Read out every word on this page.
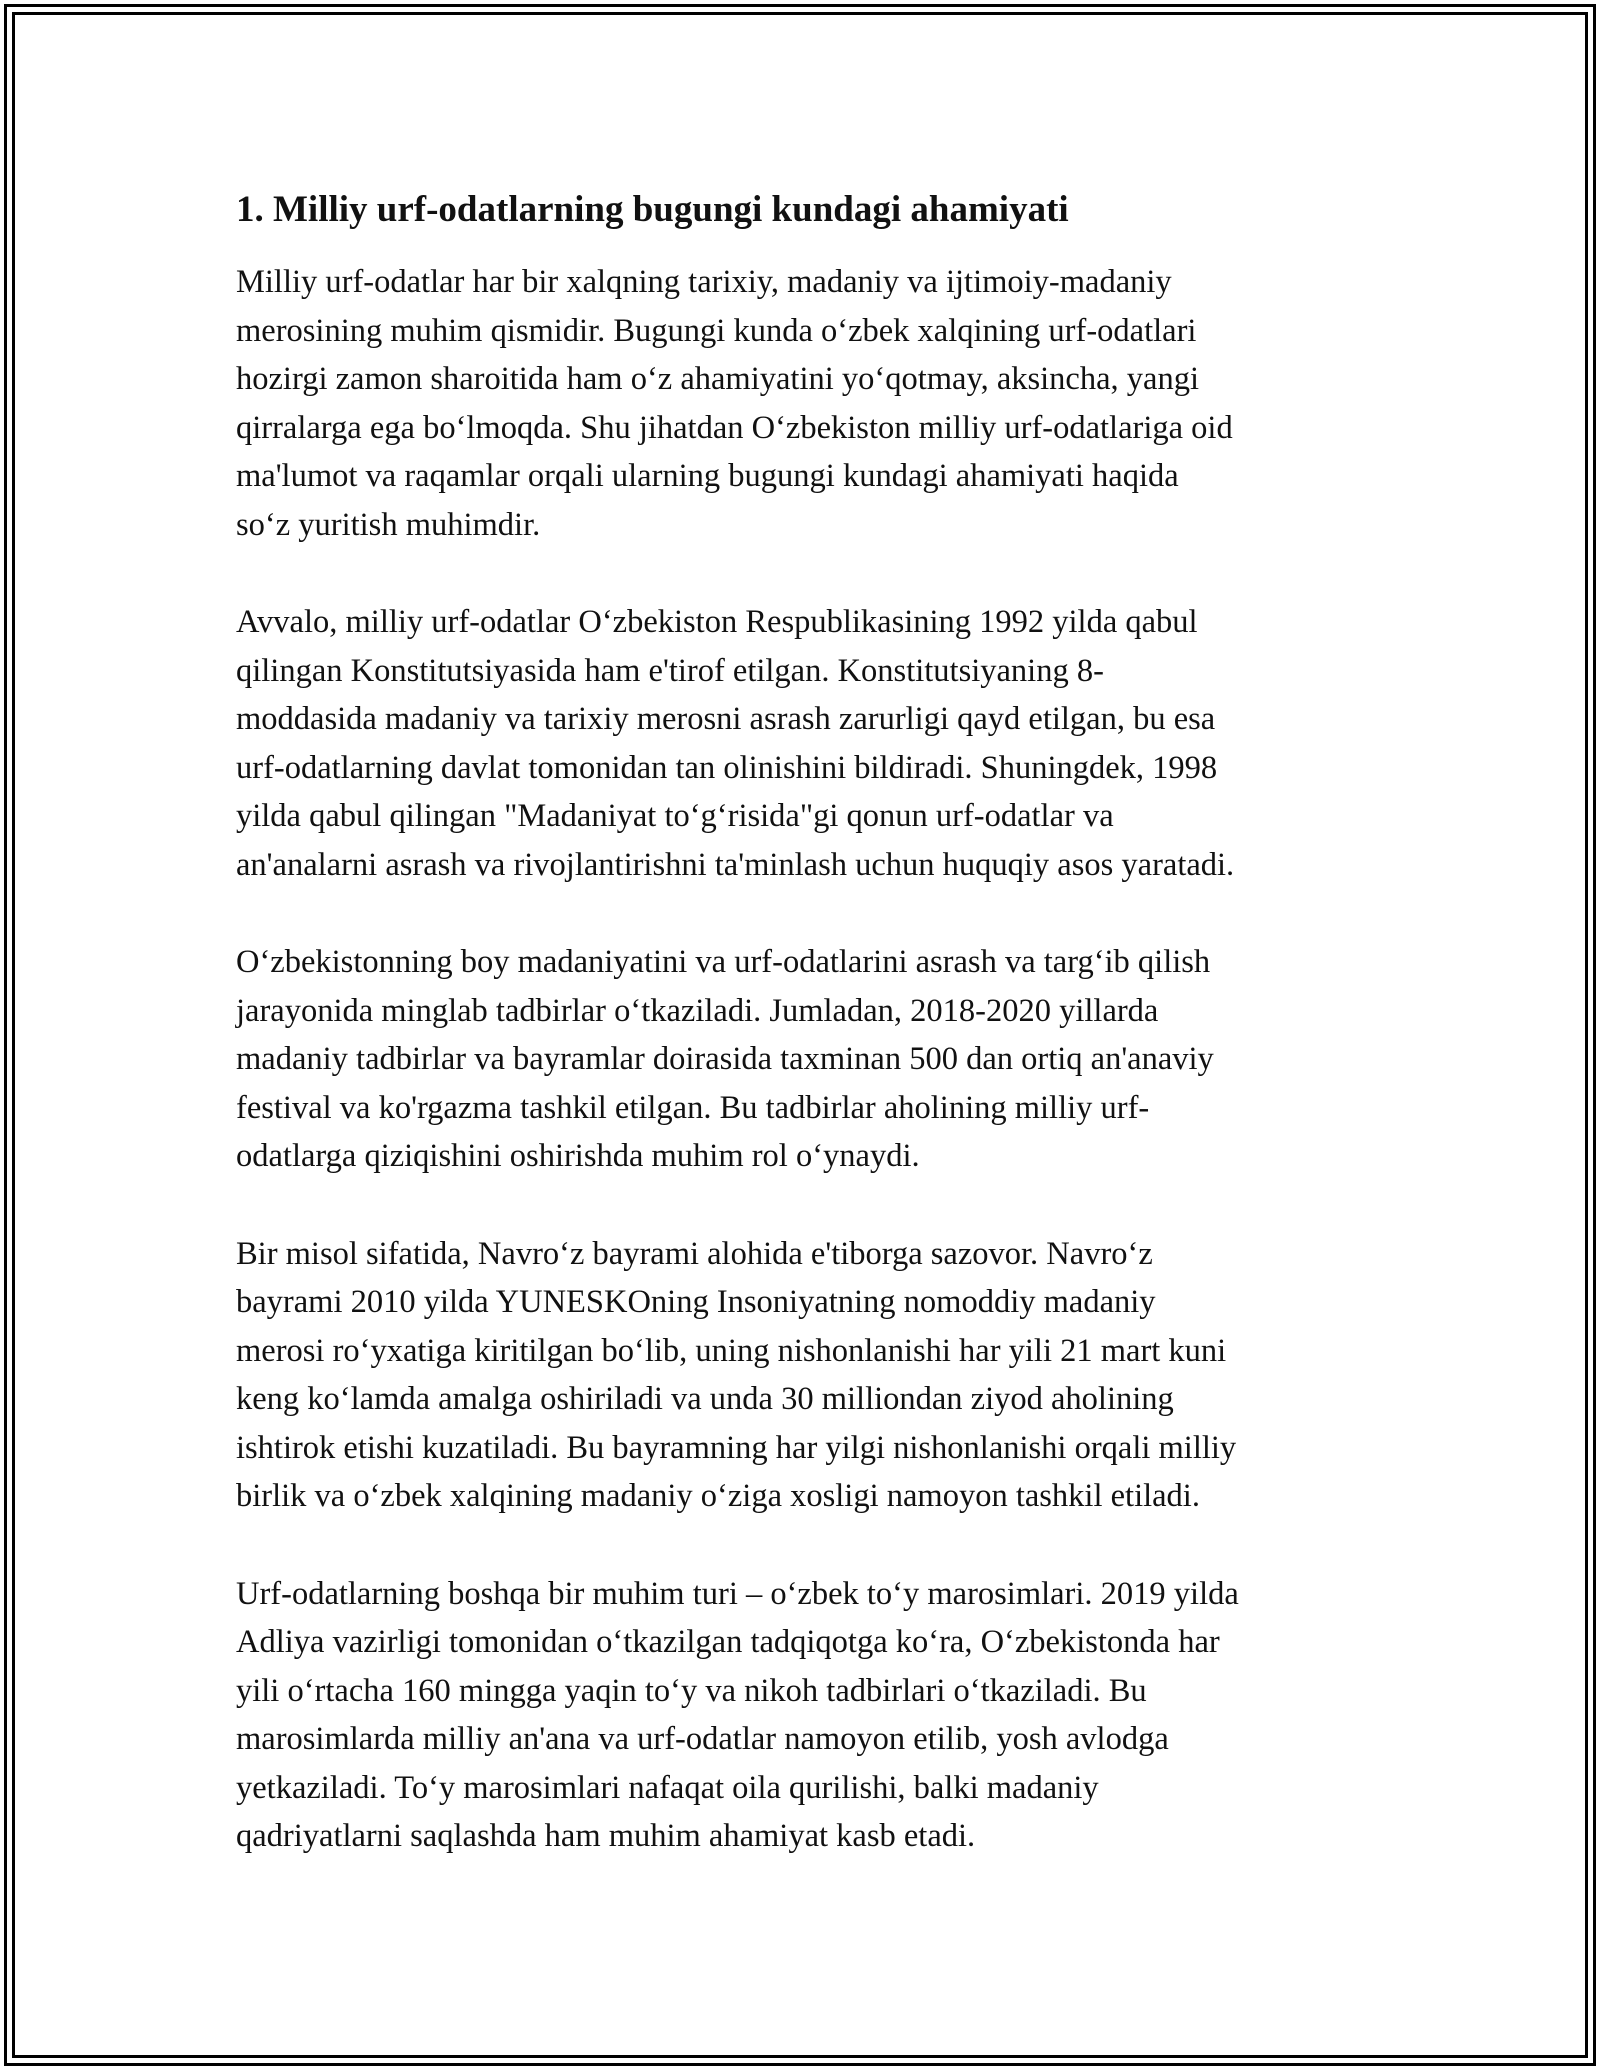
1. Milliy urf-odatlarning bugungi kundagi ahamiyati

Milliy urf-odatlar har bir xalqning tarixiy, madaniy va ijtimoiy-madaniy
merosining muhim qismidir. Bugungi kunda o‘zbek xalqining urf-odatlari
hozirgi zamon sharoitida ham o‘z ahamiyatini yo‘qotmay, aksincha, yangi
qirralarga ega bo‘lmoqda. Shu jihatdan O‘zbekiston milliy urf-odatlariga oid
ma'lumot va raqamlar orqali ularning bugungi kundagi ahamiyati haqida
so‘z yuritish muhimdir.

Avvalo, milliy urf-odatlar O‘zbekiston Respublikasining 1992 yilda qabul
qilingan Konstitutsiyasida ham e'tirof etilgan. Konstitutsiyaning 8-
moddasida madaniy va tarixiy merosni asrash zarurligi qayd etilgan, bu esa
urf-odatlarning davlat tomonidan tan olinishini bildiradi. Shuningdek, 1998
yilda qabul qilingan "Madaniyat to‘g‘risida"gi qonun urf-odatlar va
an'analarni asrash va rivojlantirishni ta'minlash uchun huquqiy asos yaratadi.

O‘zbekistonning boy madaniyatini va urf-odatlarini asrash va targ‘ib qilish
jarayonida minglab tadbirlar o‘tkaziladi. Jumladan, 2018-2020 yillarda
madaniy tadbirlar va bayramlar doirasida taxminan 500 dan ortiq an'anaviy
festival va ko'rgazma tashkil etilgan. Bu tadbirlar aholining milliy urf-
odatlarga qiziqishini oshirishda muhim rol o‘ynaydi.

Bir misol sifatida, Navro‘z bayrami alohida e'tiborga sazovor. Navro‘z
bayrami 2010 yilda YUNESKOning Insoniyatning nomoddiy madaniy
merosi ro‘yxatiga kiritilgan bo‘lib, uning nishonlanishi har yili 21 mart kuni
keng ko‘lamda amalga oshiriladi va unda 30 milliondan ziyod aholining
ishtirok etishi kuzatiladi. Bu bayramning har yilgi nishonlanishi orqali milliy
birlik va o‘zbek xalqining madaniy o‘ziga xosligi namoyon tashkil etiladi.

Urf-odatlarning boshqa bir muhim turi – o‘zbek to‘y marosimlari. 2019 yilda
Adliya vazirligi tomonidan o‘tkazilgan tadqiqotga ko‘ra, O‘zbekistonda har
yili o‘rtacha 160 mingga yaqin to‘y va nikoh tadbirlari o‘tkaziladi. Bu
marosimlarda milliy an'ana va urf-odatlar namoyon etilib, yosh avlodga
yetkaziladi. To‘y marosimlari nafaqat oila qurilishi, balki madaniy
qadriyatlarni saqlashda ham muhim ahamiyat kasb etadi.
